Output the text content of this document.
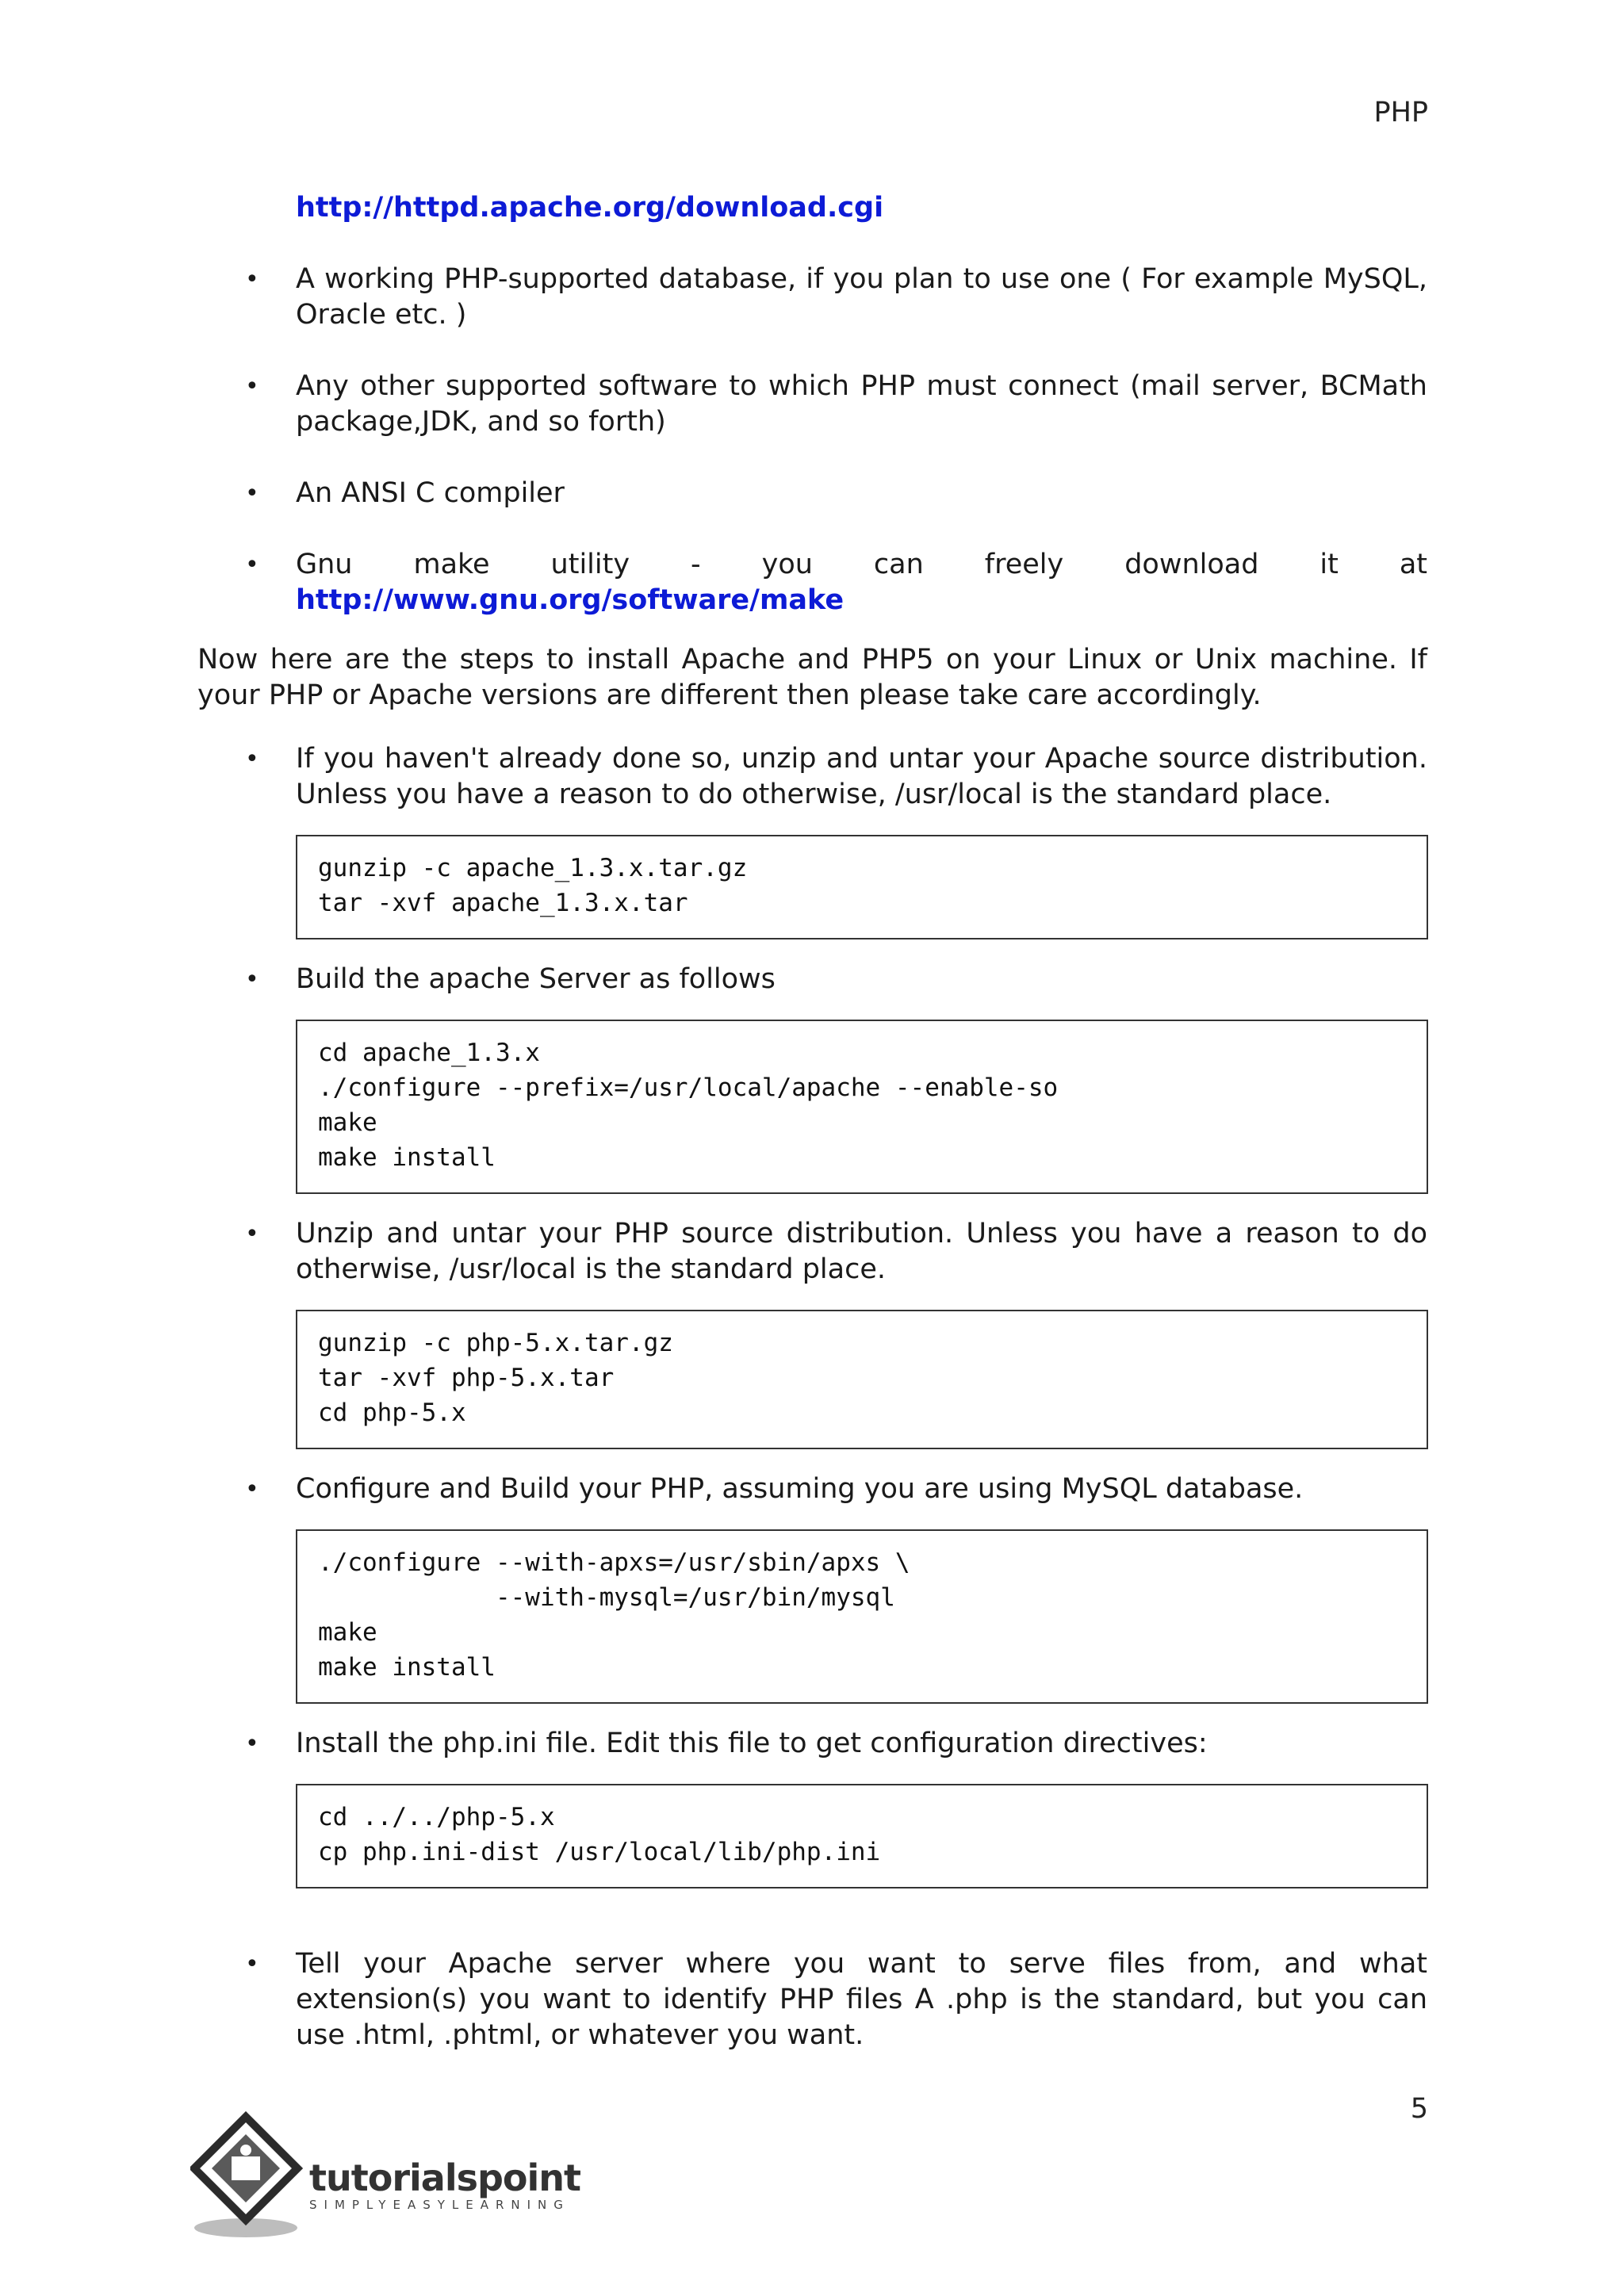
PHP
http://httpd.apache.org/download.cgi
• A working PHP-supported database, if you plan to use one ( For example MySQL, Oracle etc. )
• Any other supported software to which PHP must connect (mail server, BCMath package,JDK, and so forth)
• An ANSI C compiler
• Gnu make utility - you can freely download it at
http://www.gnu.org/software/make

Now here are the steps to install Apache and PHP5 on your Linux or Unix machine. If your PHP or Apache versions are different then please take care accordingly.

• If you haven't already done so, unzip and untar your Apache source distribution. Unless you have a reason to do otherwise, /usr/local is the standard place.
gunzip -c apache_1.3.x.tar.gz
tar -xvf apache_1.3.x.tar
• Build the apache Server as follows
cd apache_1.3.x
./configure --prefix=/usr/local/apache --enable-so
make
make install
• Unzip and untar your PHP source distribution. Unless you have a reason to do otherwise, /usr/local is the standard place.
gunzip -c php-5.x.tar.gz
tar -xvf php-5.x.tar
cd php-5.x
• Configure and Build your PHP, assuming you are using MySQL database.
./configure --with-apxs=/usr/sbin/apxs \
--with-mysql=/usr/bin/mysql
make
make install
• Install the php.ini file. Edit this file to get configuration directives:
cd ../../php-5.x
cp php.ini-dist /usr/local/lib/php.ini
• Tell your Apache server where you want to serve files from, and what extension(s) you want to identify PHP files A .php is the standard, but you can use .html, .phtml, or whatever you want.
5
tutorialspoint
SIMPLYEASYLEARNING
